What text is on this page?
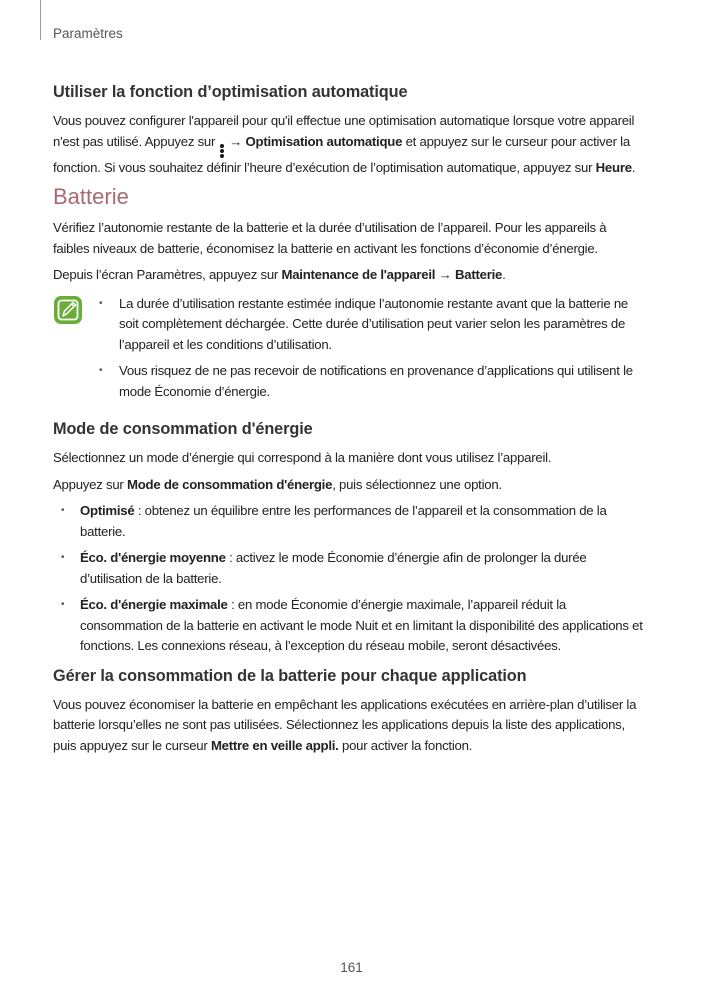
Paramètres
Utiliser la fonction d’optimisation automatique

Vous pouvez configurer l'appareil pour qu'il effectue une optimisation automatique lorsque votre appareil n'est pas utilisé. Appuyez sur → Optimisation automatique et appuyez sur le curseur pour activer la fonction. Si vous souhaitez définir l’heure d’exécution de l’optimisation automatique, appuyez sur Heure.

Batterie

Vérifiez l’autonomie restante de la batterie et la durée d’utilisation de l’appareil. Pour les appareils à faibles niveaux de batterie, économisez la batterie en activant les fonctions d’économie d’énergie.

Depuis l’écran Paramètres, appuyez sur Maintenance de l'appareil → Batterie.

• La durée d’utilisation restante estimée indique l’autonomie restante avant que la batterie ne soit complètement déchargée. Cette durée d’utilisation peut varier selon les paramètres de l’appareil et les conditions d’utilisation.
• Vous risquez de ne pas recevoir de notifications en provenance d’applications qui utilisent le mode Économie d’énergie.
Mode de consommation d'énergie

Sélectionnez un mode d’énergie qui correspond à la manière dont vous utilisez l’appareil.

Appuyez sur Mode de consommation d'énergie, puis sélectionnez une option.

• Optimisé : obtenez un équilibre entre les performances de l’appareil et la consommation de la batterie.
• Éco. d'énergie moyenne : activez le mode Économie d’énergie afin de prolonger la durée d’utilisation de la batterie.
• Éco. d'énergie maximale : en mode Économie d’énergie maximale, l’appareil réduit la consommation de la batterie en activant le mode Nuit et en limitant la disponibilité des applications et fonctions. Les connexions réseau, à l’exception du réseau mobile, seront désactivées.
Gérer la consommation de la batterie pour chaque application

Vous pouvez économiser la batterie en empêchant les applications exécutées en arrière-plan d’utiliser la batterie lorsqu’elles ne sont pas utilisées. Sélectionnez les applications depuis la liste des applications, puis appuyez sur le curseur Mettre en veille appli. pour activer la fonction.

161
